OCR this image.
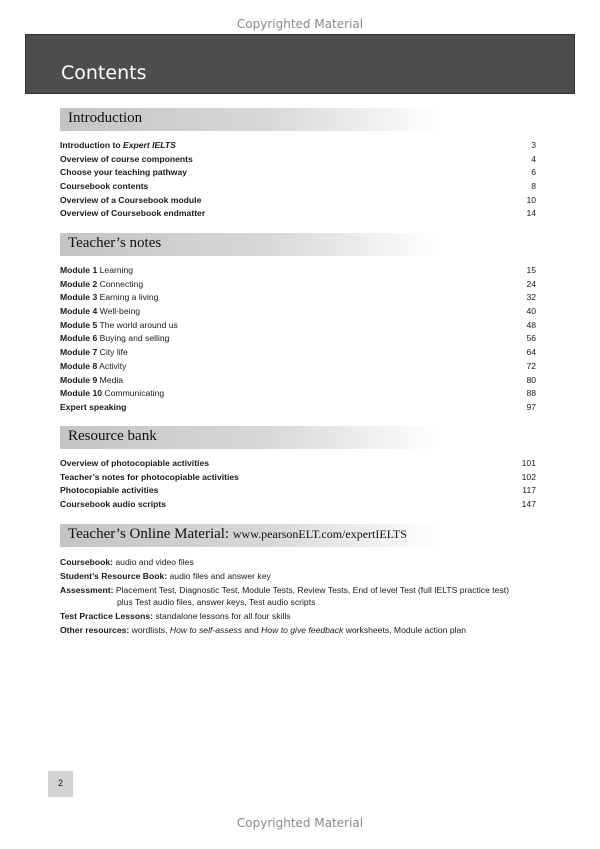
Copyrighted Material
Contents
Introduction
Introduction to Expert IELTS	3
Overview of course components	4
Choose your teaching pathway	6
Coursebook contents	8
Overview of a Coursebook module	10
Overview of Coursebook endmatter	14
Teacher’s notes
Module 1 Learning	15
Module 2 Connecting	24
Module 3 Earning a living	32
Module 4 Well-being	40
Module 5 The world around us	48
Module 6 Buying and selling	56
Module 7 City life	64
Module 8 Activity	72
Module 9 Media	80
Module 10 Communicating	88
Expert speaking	97
Resource bank
Overview of photocopiable activities	101
Teacher’s notes for photocopiable activities	102
Photocopiable activities	117
Coursebook audio scripts	147
Teacher’s Online Material: www.pearsonELT.com/expertIELTS
Coursebook: audio and video files
Student’s Resource Book: audio files and answer key
Assessment: Placement Test, Diagnostic Test, Module Tests, Review Tests, End of level Test (full IELTS practice test)
plus Test audio files, answer keys, Test audio scripts
Test Practice Lessons: standalone lessons for all four skills
Other resources: wordlists, How to self-assess and How to give feedback worksheets, Module action plan
2
Copyrighted Material
